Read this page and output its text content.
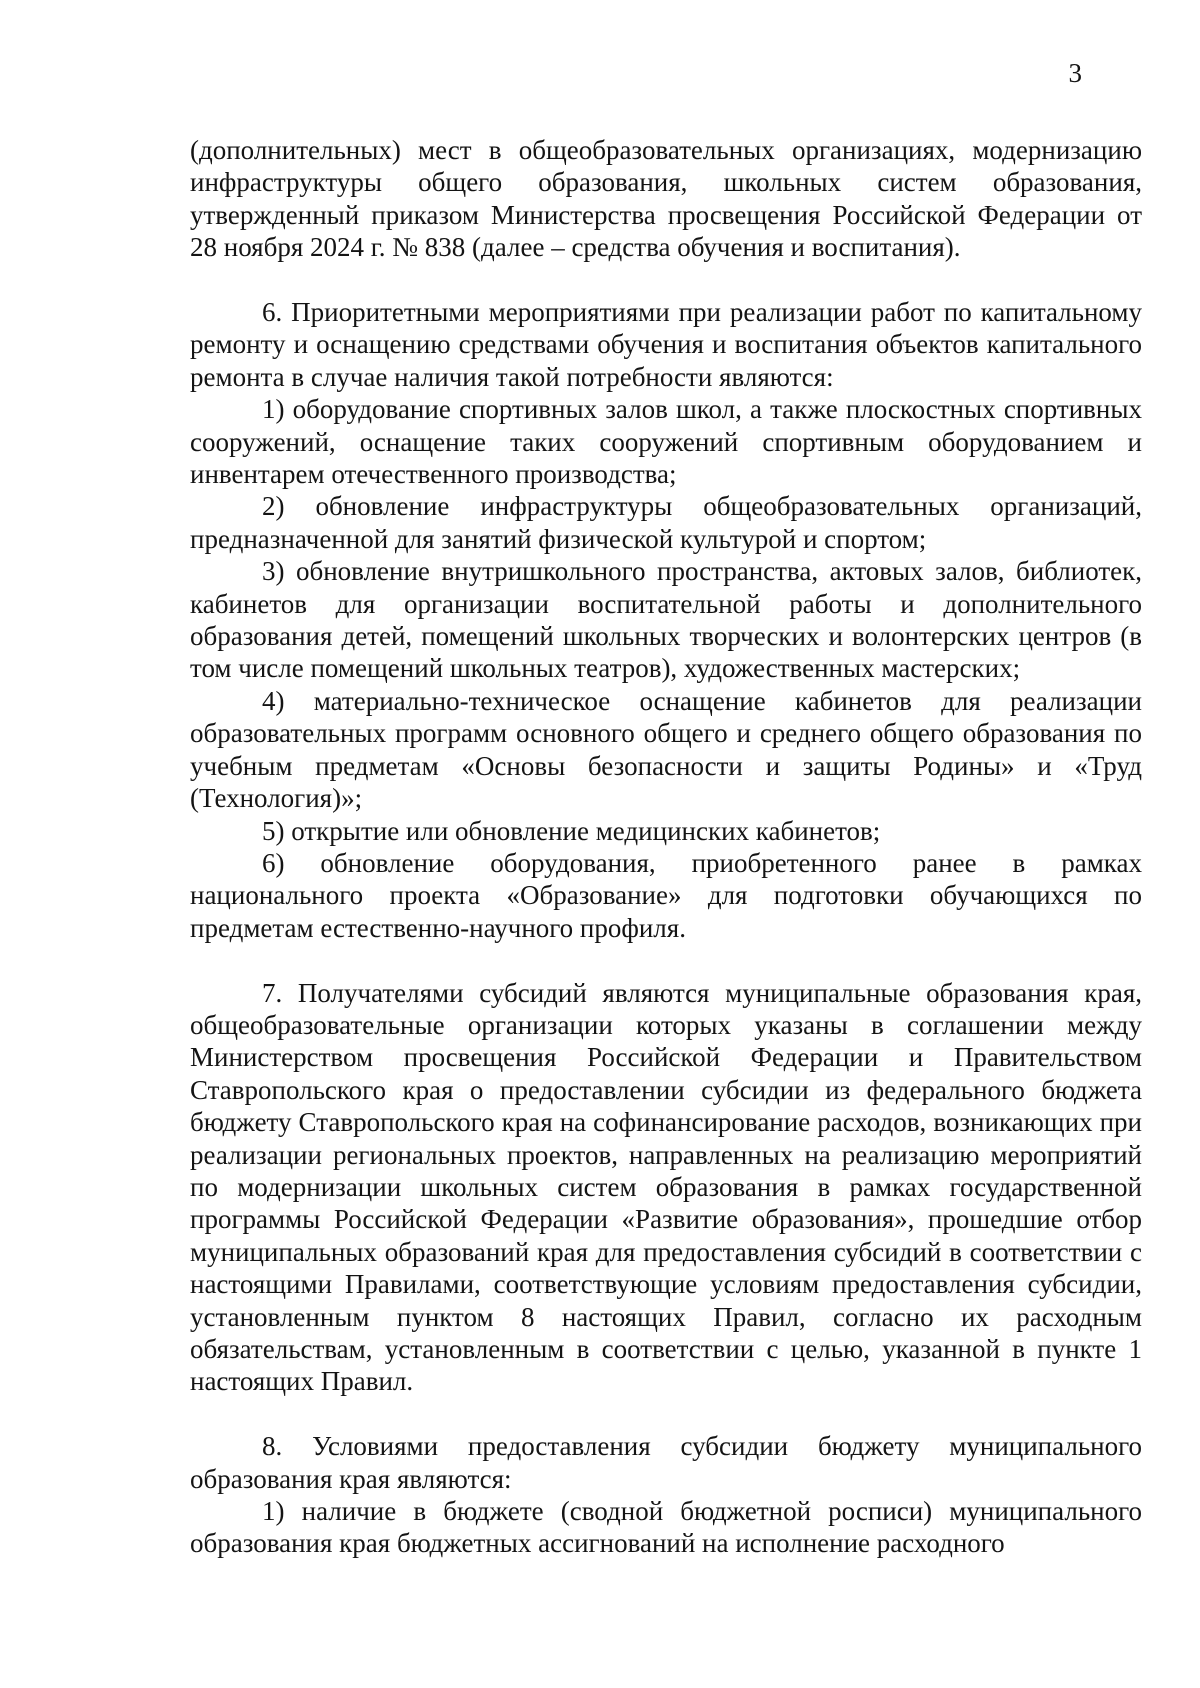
3

(дополнительных) мест в общеобразовательных организациях, модернизацию инфраструктуры общего образования, школьных систем образования, утвержденный приказом Министерства просвещения Российской Федерации от 28 ноября 2024 г. № 838 (далее – средства обучения и воспитания).

6. Приоритетными мероприятиями при реализации работ по капитальному ремонту и оснащению средствами обучения и воспитания объектов капитального ремонта в случае наличия такой потребности являются:

1) оборудование спортивных залов школ, а также плоскостных спортивных сооружений, оснащение таких сооружений спортивным оборудованием и инвентарем отечественного производства;

2) обновление инфраструктуры общеобразовательных организаций, предназначенной для занятий физической культурой и спортом;

3) обновление внутришкольного пространства, актовых залов, библиотек, кабинетов для организации воспитательной работы и дополнительного образования детей, помещений школьных творческих и волонтерских центров (в том числе помещений школьных театров), художественных мастерских;

4) материально-техническое оснащение кабинетов для реализации образовательных программ основного общего и среднего общего образования по учебным предметам «Основы безопасности и защиты Родины» и «Труд (Технология)»;

5) открытие или обновление медицинских кабинетов;

6) обновление оборудования, приобретенного ранее в рамках национального проекта «Образование» для подготовки обучающихся по предметам естественно-научного профиля.

7. Получателями субсидий являются муниципальные образования края, общеобразовательные организации которых указаны в соглашении между Министерством просвещения Российской Федерации и Правительством Ставропольского края о предоставлении субсидии из федерального бюджета бюджету Ставропольского края на софинансирование расходов, возникающих при реализации региональных проектов, направленных на реализацию мероприятий по модернизации школьных систем образования в рамках государственной программы Российской Федерации «Развитие образования», прошедшие отбор муниципальных образований края для предоставления субсидий в соответствии с настоящими Правилами, соответствующие условиям предоставления субсидии, установленным пунктом 8 настоящих Правил, согласно их расходным обязательствам, установленным в соответствии с целью, указанной в пункте 1 настоящих Правил.

8. Условиями предоставления субсидии бюджету муниципального образования края являются:

1) наличие в бюджете (сводной бюджетной росписи) муниципального образования края бюджетных ассигнований на исполнение расходного
